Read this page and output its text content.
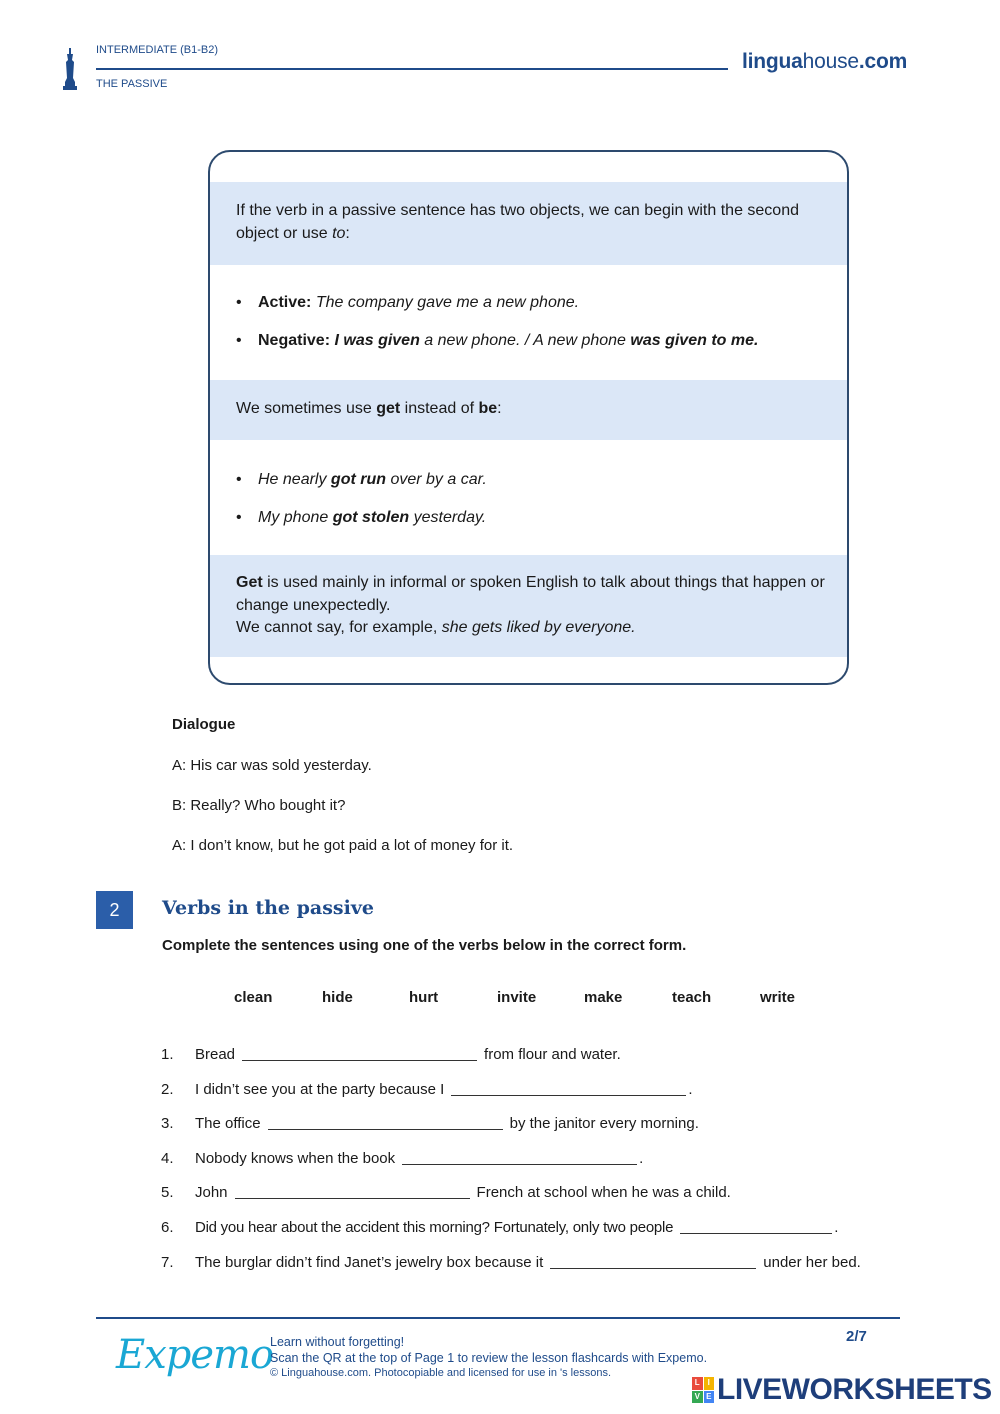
INTERMEDIATE (B1-B2)
THE PASSIVE
linguahouse.com
If the verb in a passive sentence has two objects, we can begin with the second object or use to:
Active: The company gave me a new phone.
Negative: I was given a new phone. / A new phone was given to me.
We sometimes use get instead of be:
He nearly got run over by a car.
My phone got stolen yesterday.
Get is used mainly in informal or spoken English to talk about things that happen or change unexpectedly.
We cannot say, for example, she gets liked by everyone.
Dialogue
A: His car was sold yesterday.
B: Really? Who bought it?
A: I don’t know, but he got paid a lot of money for it.
2	Verbs in the passive
Complete the sentences using one of the verbs below in the correct form.
clean	hide	hurt	invite	make	teach	write
1. Bread	from flour and water.
2. I didn’t see you at the party because I	.
3. The office	by the janitor every morning.
4. Nobody knows when the book	.
5. John	French at school when he was a child.
6. Did you hear about the accident this morning? Fortunately, only two people	.
7. The burglar didn’t find Janet’s jewelry box because it	under her bed.
Expemo
Learn without forgetting!
Scan the QR at the top of Page 1 to review the lesson flashcards with Expemo.
© Linguahouse.com. Photocopiable and licensed for use in 's lessons.
2/7
L I
V E LIVEWORKSHEETS
